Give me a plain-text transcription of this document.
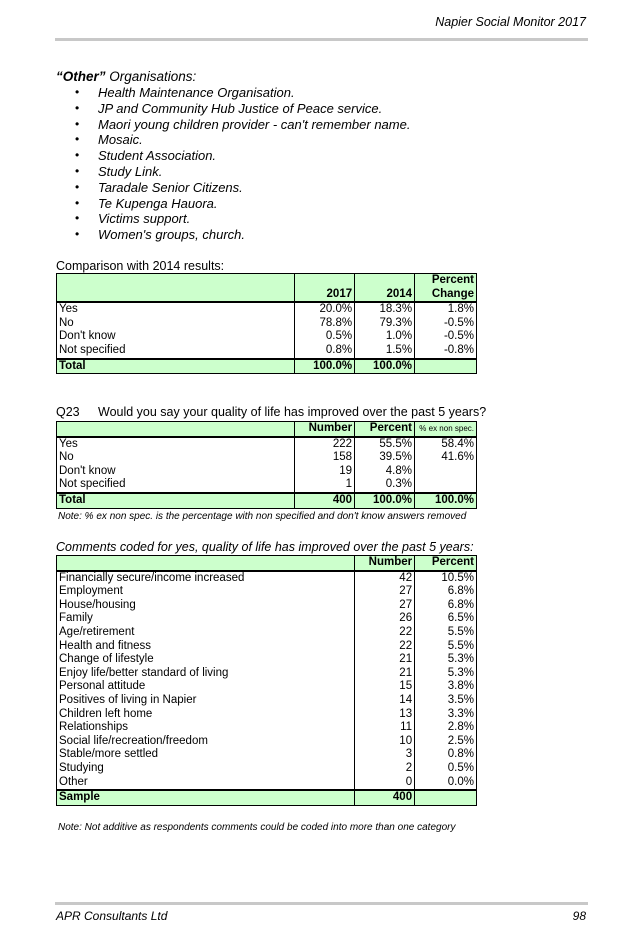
Napier Social Monitor 2017
“Other” Organisations:
• Health Maintenance Organisation.
• JP and Community Hub Justice of Peace service.
• Maori young children provider - can't remember name.
• Mosaic.
• Student Association.
• Study Link.
• Taradale Senior Citizens.
• Te Kupenga Hauora.
• Victims support.
• Women's groups, church.
Comparison with 2014 results:
	2017	2014	Percent
Change

Yes	20.0%	18.3%	1.8%
No	78.8%	79.3%	-0.5%
Don't know	0.5%	1.0%	-0.5%
Not specified	0.8%	1.5%	-0.8%
Total	100.0%	100.0%	
Q23 Would you say your quality of life has improved over the past 5 years?
	Number	Percent	% ex non spec.
Yes	222	55.5%	58.4%
No	158	39.5%	41.6%
Don't know	19	4.8%	
Not specified	1	0.3%	
Total	400	100.0%	100.0%
Note: % ex non spec. is the percentage with non specified and don't know answers removed
Comments coded for yes, quality of life has improved over the past 5 years:
	Number	Percent
Financially secure/income increased	42	10.5%
Employment	27	6.8%
House/housing	27	6.8%
Family	26	6.5%
Age/retirement	22	5.5%
Health and fitness	22	5.5%
Change of lifestyle	21	5.3%
Enjoy life/better standard of living	21	5.3%
Personal attitude	15	3.8%
Positives of living in Napier	14	3.5%
Children left home	13	3.3%
Relationships	11	2.8%
Social life/recreation/freedom	10	2.5%
Stable/more settled	3	0.8%
Studying	2	0.5%
Other	0	0.0%
Sample	400	
Note: Not additive as respondents comments could be coded into more than one category
APR Consultants Ltd	98
